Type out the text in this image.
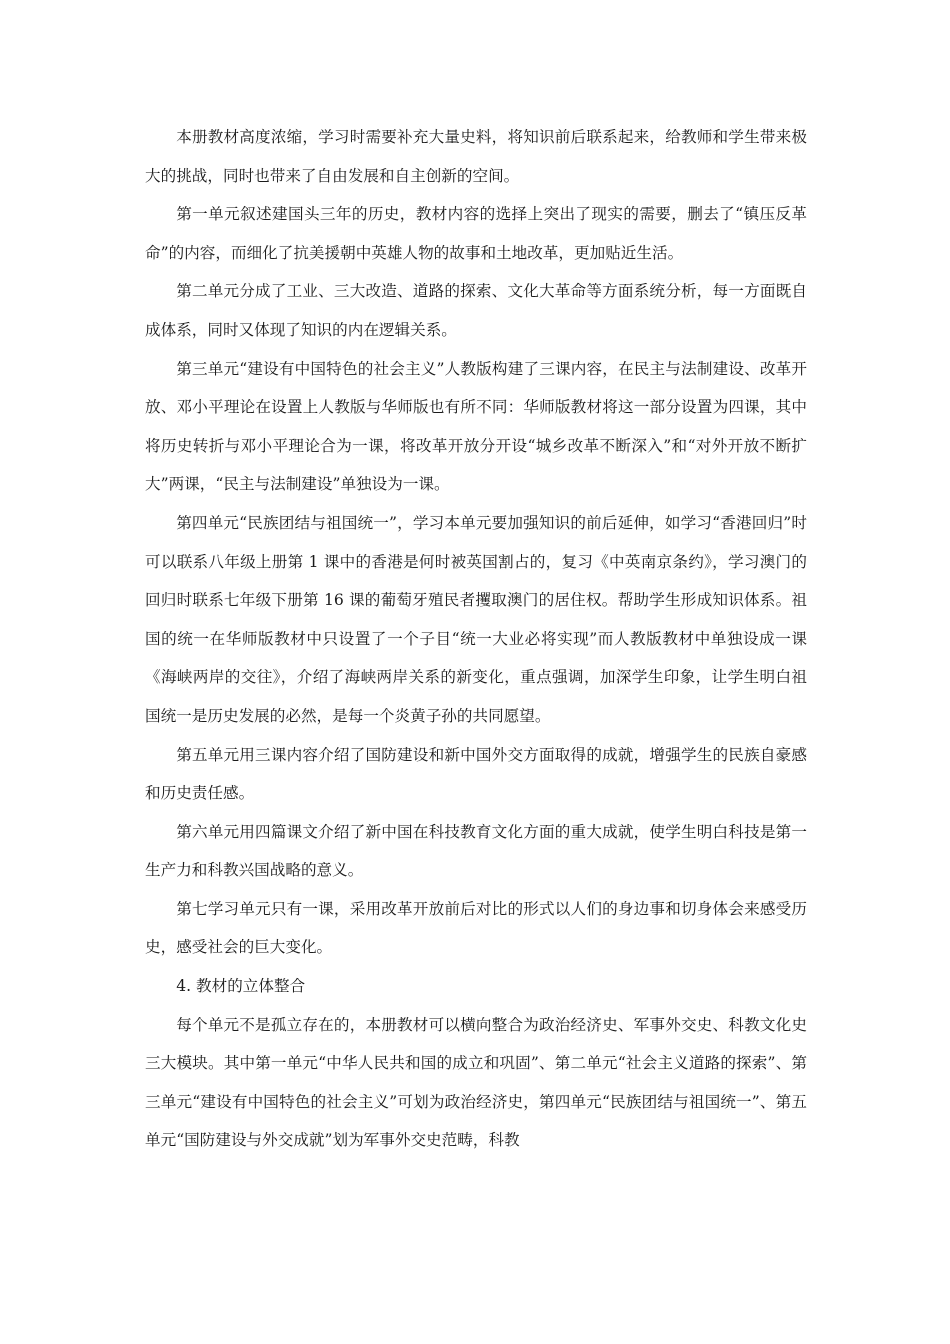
本册教材高度浓缩，学习时需要补充大量史料，将知识前后联系起来，给教师和学生带来极大的挑战，同时也带来了自由发展和自主创新的空间。

第一单元叙述建国头三年的历史，教材内容的选择上突出了现实的需要，删去了“镇压反革命”的内容，而细化了抗美援朝中英雄人物的故事和土地改革，更加贴近生活。

第二单元分成了工业、三大改造、道路的探索、文化大革命等方面系统分析，每一方面既自成体系，同时又体现了知识的内在逻辑关系。

第三单元“建设有中国特色的社会主义”人教版构建了三课内容，在民主与法制建设、改革开放、邓小平理论在设置上人教版与华师版也有所不同：华师版教材将这一部分设置为四课，其中将历史转折与邓小平理论合为一课，将改革开放分开设“城乡改革不断深入”和“对外开放不断扩大”两课，“民主与法制建设”单独设为一课。

第四单元“民族团结与祖国统一”，学习本单元要加强知识的前后延伸，如学习“香港回归”时可以联系八年级上册第 1 课中的香港是何时被英国割占的，复习《中英南京条约》，学习澳门的回归时联系七年级下册第 16 课的葡萄牙殖民者攫取澳门的居住权。帮助学生形成知识体系。祖国的统一在华师版教材中只设置了一个子目“统一大业必将实现”而人教版教材中单独设成一课《海峡两岸的交往》，介绍了海峡两岸关系的新变化，重点强调，加深学生印象，让学生明白祖国统一是历史发展的必然，是每一个炎黄子孙的共同愿望。

第五单元用三课内容介绍了国防建设和新中国外交方面取得的成就，增强学生的民族自豪感和历史责任感。

第六单元用四篇课文介绍了新中国在科技教育文化方面的重大成就，使学生明白科技是第一生产力和科教兴国战略的意义。

第七学习单元只有一课，采用改革开放前后对比的形式以人们的身边事和切身体会来感受历史，感受社会的巨大变化。

4. 教材的立体整合

每个单元不是孤立存在的，本册教材可以横向整合为政治经济史、军事外交史、科教文化史三大模块。其中第一单元“中华人民共和国的成立和巩固”、第二单元“社会主义道路的探索”、第三单元“建设有中国特色的社会主义”可划为政治经济史，第四单元“民族团结与祖国统一”、第五单元“国防建设与外交成就”划为军事外交史范畴，科教
